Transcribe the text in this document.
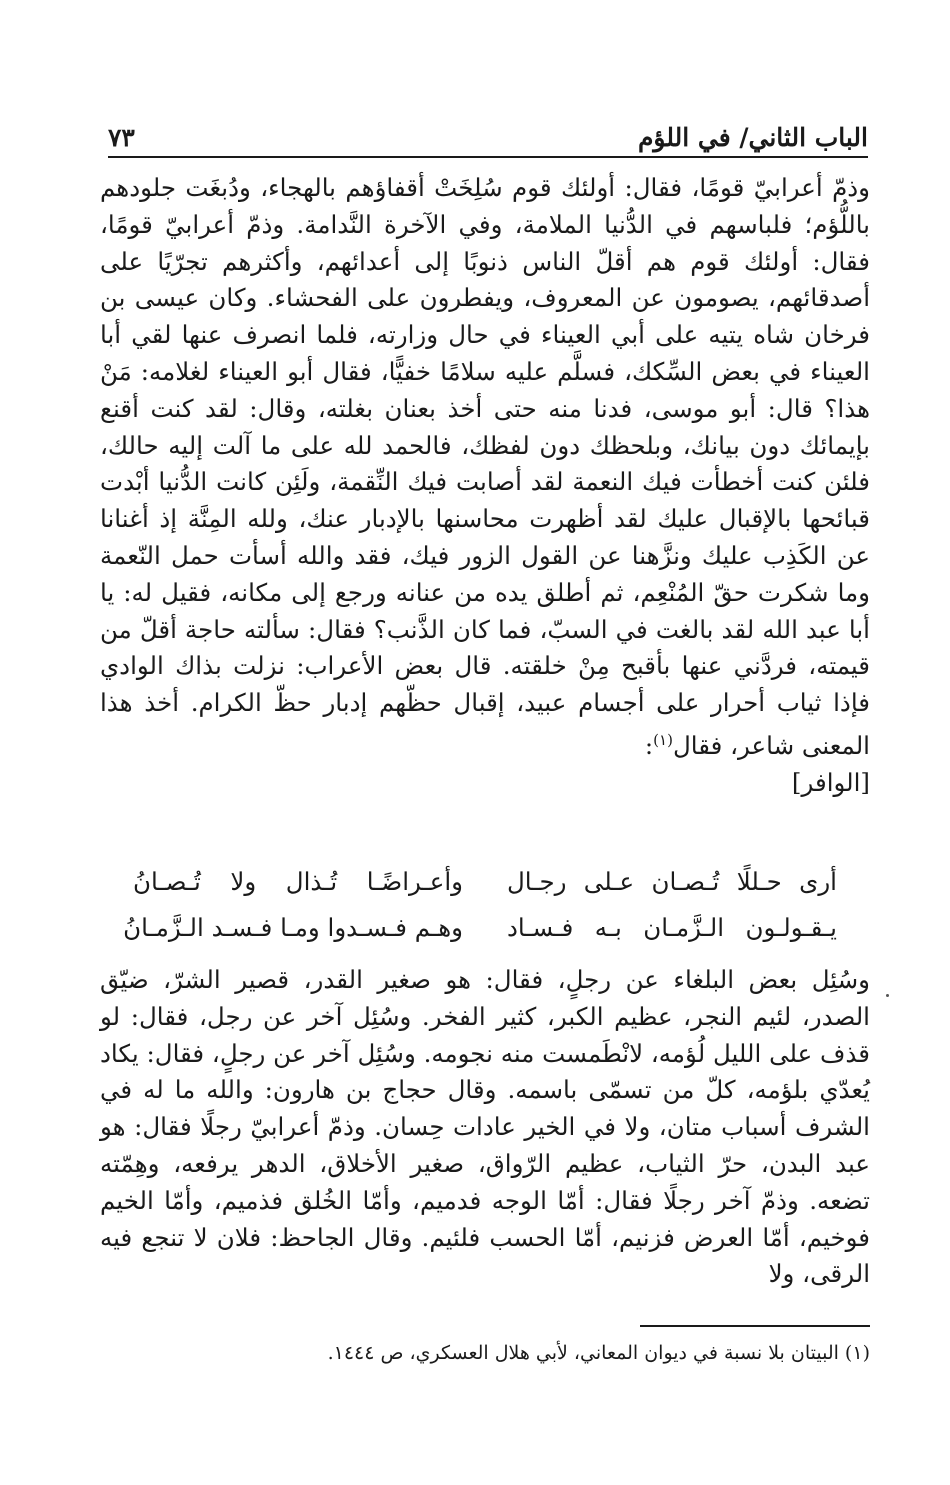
الباب الثاني/ في اللؤم
٧٣

وذمّ أعرابيّ قومًا، فقال: أولئك قوم سُلِخَتْ أقفاؤهم بالهجاء، ودُبغَت جلودهم باللُّؤم؛ فلباسهم في الدُّنيا الملامة، وفي الآخرة النَّدامة. وذمّ أعرابيّ قومًا، فقال: أولئك قوم هم أقلّ الناس ذنوبًا إلى أعدائهم، وأكثرهم تجرّيًا على أصدقائهم، يصومون عن المعروف، ويفطرون على الفحشاء. وكان عيسى بن فرخان شاه يتيه على أبي العيناء في حال وزارته، فلما انصرف عنها لقي أبا العيناء في بعض السِّكك، فسلَّم عليه سلامًا خفيًّا، فقال أبو العيناء لغلامه: مَنْ هذا؟ قال: أبو موسى، فدنا منه حتى أخذ بعنان بغلته، وقال: لقد كنت أقنع بإيمائك دون بيانك، وبلحظك دون لفظك، فالحمد لله على ما آلت إليه حالك، فلئن كنت أخطأت فيك النعمة لقد أصابت فيك النِّقمة، ولَئِن كانت الدُّنيا أبْدت قبائحها بالإقبال عليك لقد أظهرت محاسنها بالإدبار عنك، ولله المِنَّة إذ أغنانا عن الكَذِب عليك ونزَّهنا عن القول الزور فيك، فقد والله أسأت حمل النّعمة وما شكرت حقّ المُنْعِم، ثم أطلق يده من عنانه ورجع إلى مكانه، فقيل له: يا أبا عبد الله لقد بالغت في السبّ، فما كان الذَّنب؟ فقال: سألته حاجة أقلّ من قيمته، فردَّني عنها بأقبح مِنْ خلقته. قال بعض الأعراب: نزلت بذاك الوادي فإذا ثياب أحرار على أجسام عبيد، إقبال حظّهم إدبار حظّ الكرام. أخذ هذا المعنى شاعر، فقال$^{(١)}$:

[الوافر]
أرى حـللًا تُـصـان عـلى رجـال
وأعـراضًـا تُـذال ولا تُـصـانُ
يـقـولـون الـزَّمـان بـه فـسـاد
وهـم فـسـدوا ومـا فـسـد الـزَّمـانُ

وسُئِل بعض البلغاء عن رجلٍ، فقال: هو صغير القدر، قصير الشرّ، ضيّق الصدر، لئيم النجر، عظيم الكبر، كثير الفخر. وسُئِل آخر عن رجل، فقال: لو قذف على الليل لُؤمه، لانْطَمست منه نجومه. وسُئِل آخر عن رجلٍ، فقال: يكاد يُعدّي بلؤمه، كلّ من تسمّى باسمه. وقال حجاج بن هارون: والله ما له في الشرف أسباب متان، ولا في الخير عادات حِسان. وذمّ أعرابيّ رجلًا فقال: هو عبد البدن، حرّ الثياب، عظيم الرّواق، صغير الأخلاق، الدهر يرفعه، وهِمّته تضعه. وذمّ آخر رجلًا فقال: أمّا الوجه فدميم، وأمّا الخُلق فذميم، وأمّا الخيم فوخيم، أمّا العرض فزنيم، أمّا الحسب فلئيم. وقال الجاحظ: فلان لا تنجع فيه الرقى، ولا

(١) البيتان بلا نسبة في ديوان المعاني، لأبي هلال العسكري، ص ١٤٤٤.
